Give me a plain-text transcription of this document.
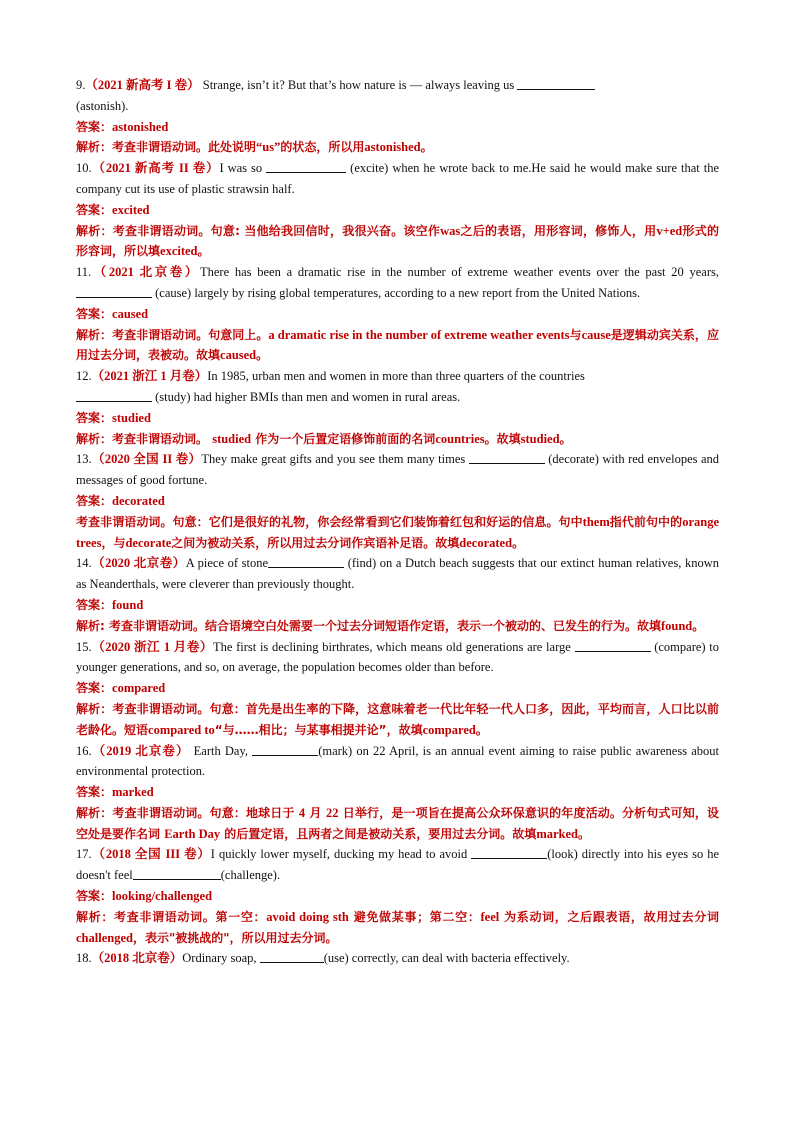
9.（2021 新高考 I 卷） Strange, isn’t it? But that’s how nature is — always leaving us
(astonish).
答案：astonished
解析：考查非谓语动词。此处说明“us”的状态，所以用astonished。
10.（2021 新高考 II 卷）I was so	(excite) when he wrote back to me.He said he would make sure that the company cut its use of plastic strawsin half.
答案：excited
解析：考查非谓语动词。句意: 当他给我回信时，我很兴奋。该空作was之后的表语，用形容词，修饰人，用v+ed形式的形容词，所以填excited。
11.（2021 北京卷）There has been a dramatic rise in the number of extreme weather events over the past 20 years,  (cause) largely by rising global temperatures, according to a new report from the United Nations.
答案：caused
解析：考查非谓语动词。句意同上。a dramatic rise in the number of extreme weather events与cause是逻辑动宾关系，应用过去分词，表被动。故填caused。
12.（2021 浙江 1 月卷）In 1985, urban men and women in more than three quarters of the countries
(study) had higher BMIs than men and women in rural areas.
答案：studied
解析：考查非谓语动词。 studied 作为一个后置定语修饰前面的名词countries。故填studied。
13.（2020 全国 II 卷）They make great gifts and you see them many times	(decorate) with red envelopes and messages of good fortune.
答案：decorated
考查非谓语动词。句意：它们是很好的礼物，你会经常看到它们装饰着红包和好运的信息。句中them指代前句中的orange trees，与decorate之间为被动关系，所以用过去分词作宾语补足语。故填decorated。
14.（2020 北京卷）A piece of stone	(find) on a Dutch beach suggests that our extinct human relatives, known as Neanderthals, were cleverer than previously thought.
答案：found
解析: 考查非谓语动词。结合语境空白处需要一个过去分词短语作定语，表示一个被动的、已发生的行为。故填found。
15.（2020 浙江 1 月卷）The first is declining birthrates, which means old generations are large	(compare) to younger generations, and so, on average, the population becomes older than before.
答案：compared
解析：考查非谓语动词。句意：首先是出生率的下降，这意味着老一代比年轻一代人口多，因此，平均而言，人口比以前老龄化。短语compared to“与……相比；与某事相提并论”，故填compared。
16.（2019 北京卷） Earth Day,	(mark) on 22 April, is an annual event aiming to raise public awareness about environmental protection.
答案：marked
解析：考查非谓语动词。句意：地球日于 4 月 22 日举行，是一项旨在提高公众环保意识的年度活动。分析句式可知，设空处是要作名词 Earth Day 的后置定语，且两者之间是被动关系，要用过去分词。故填marked。
17.（2018 全国 III 卷）I quickly lower myself, ducking my head to avoid	(look) directly into his eyes so he doesn't feel	(challenge).
答案：looking/challenged
解析：考查非谓语动词。第一空：avoid doing sth 避免做某事；第二空：feel 为系动词，之后跟表语，故用过去分词challenged，表示"被挑战的"，所以用过去分词。
18.（2018 北京卷）Ordinary soap,	(use) correctly, can deal with bacteria effectively.
